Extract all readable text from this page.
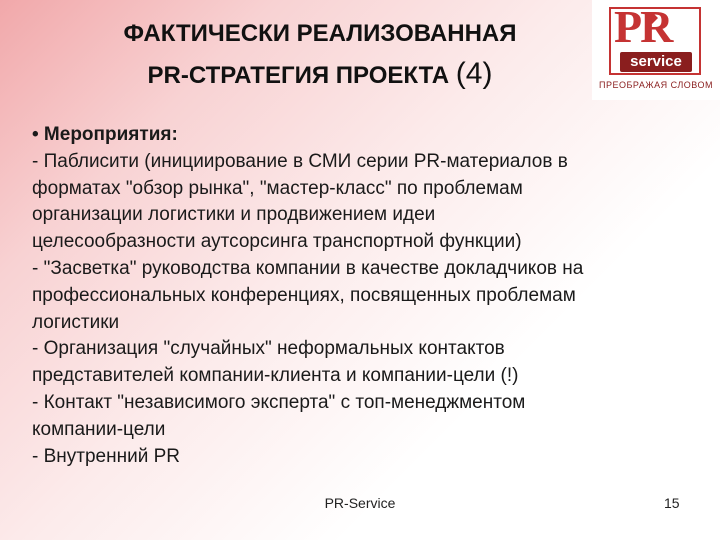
ФАКТИЧЕСКИ РЕАЛИЗОВАННАЯ
PR-СТРАТЕГИЯ ПРОЕКТА (4)
PR
service
ПРЕОБРАЖАЯ СЛОВОМ
• Мероприятия:
- Паблисити (инициирование в СМИ серии PR-материалов в
форматах "обзор рынка", "мастер-класс" по проблемам
организации логистики и продвижением идеи
целесообразности аутсорсинга транспортной функции)
- "Засветка" руководства компании в качестве докладчиков на
профессиональных конференциях, посвященных проблемам
логистики
- Организация "случайных" неформальных контактов
представителей компании-клиента и компании-цели (!)
- Контакт "независимого эксперта" с топ-менеджментом
компании-цели
- Внутренний PR
PR-Service	15
